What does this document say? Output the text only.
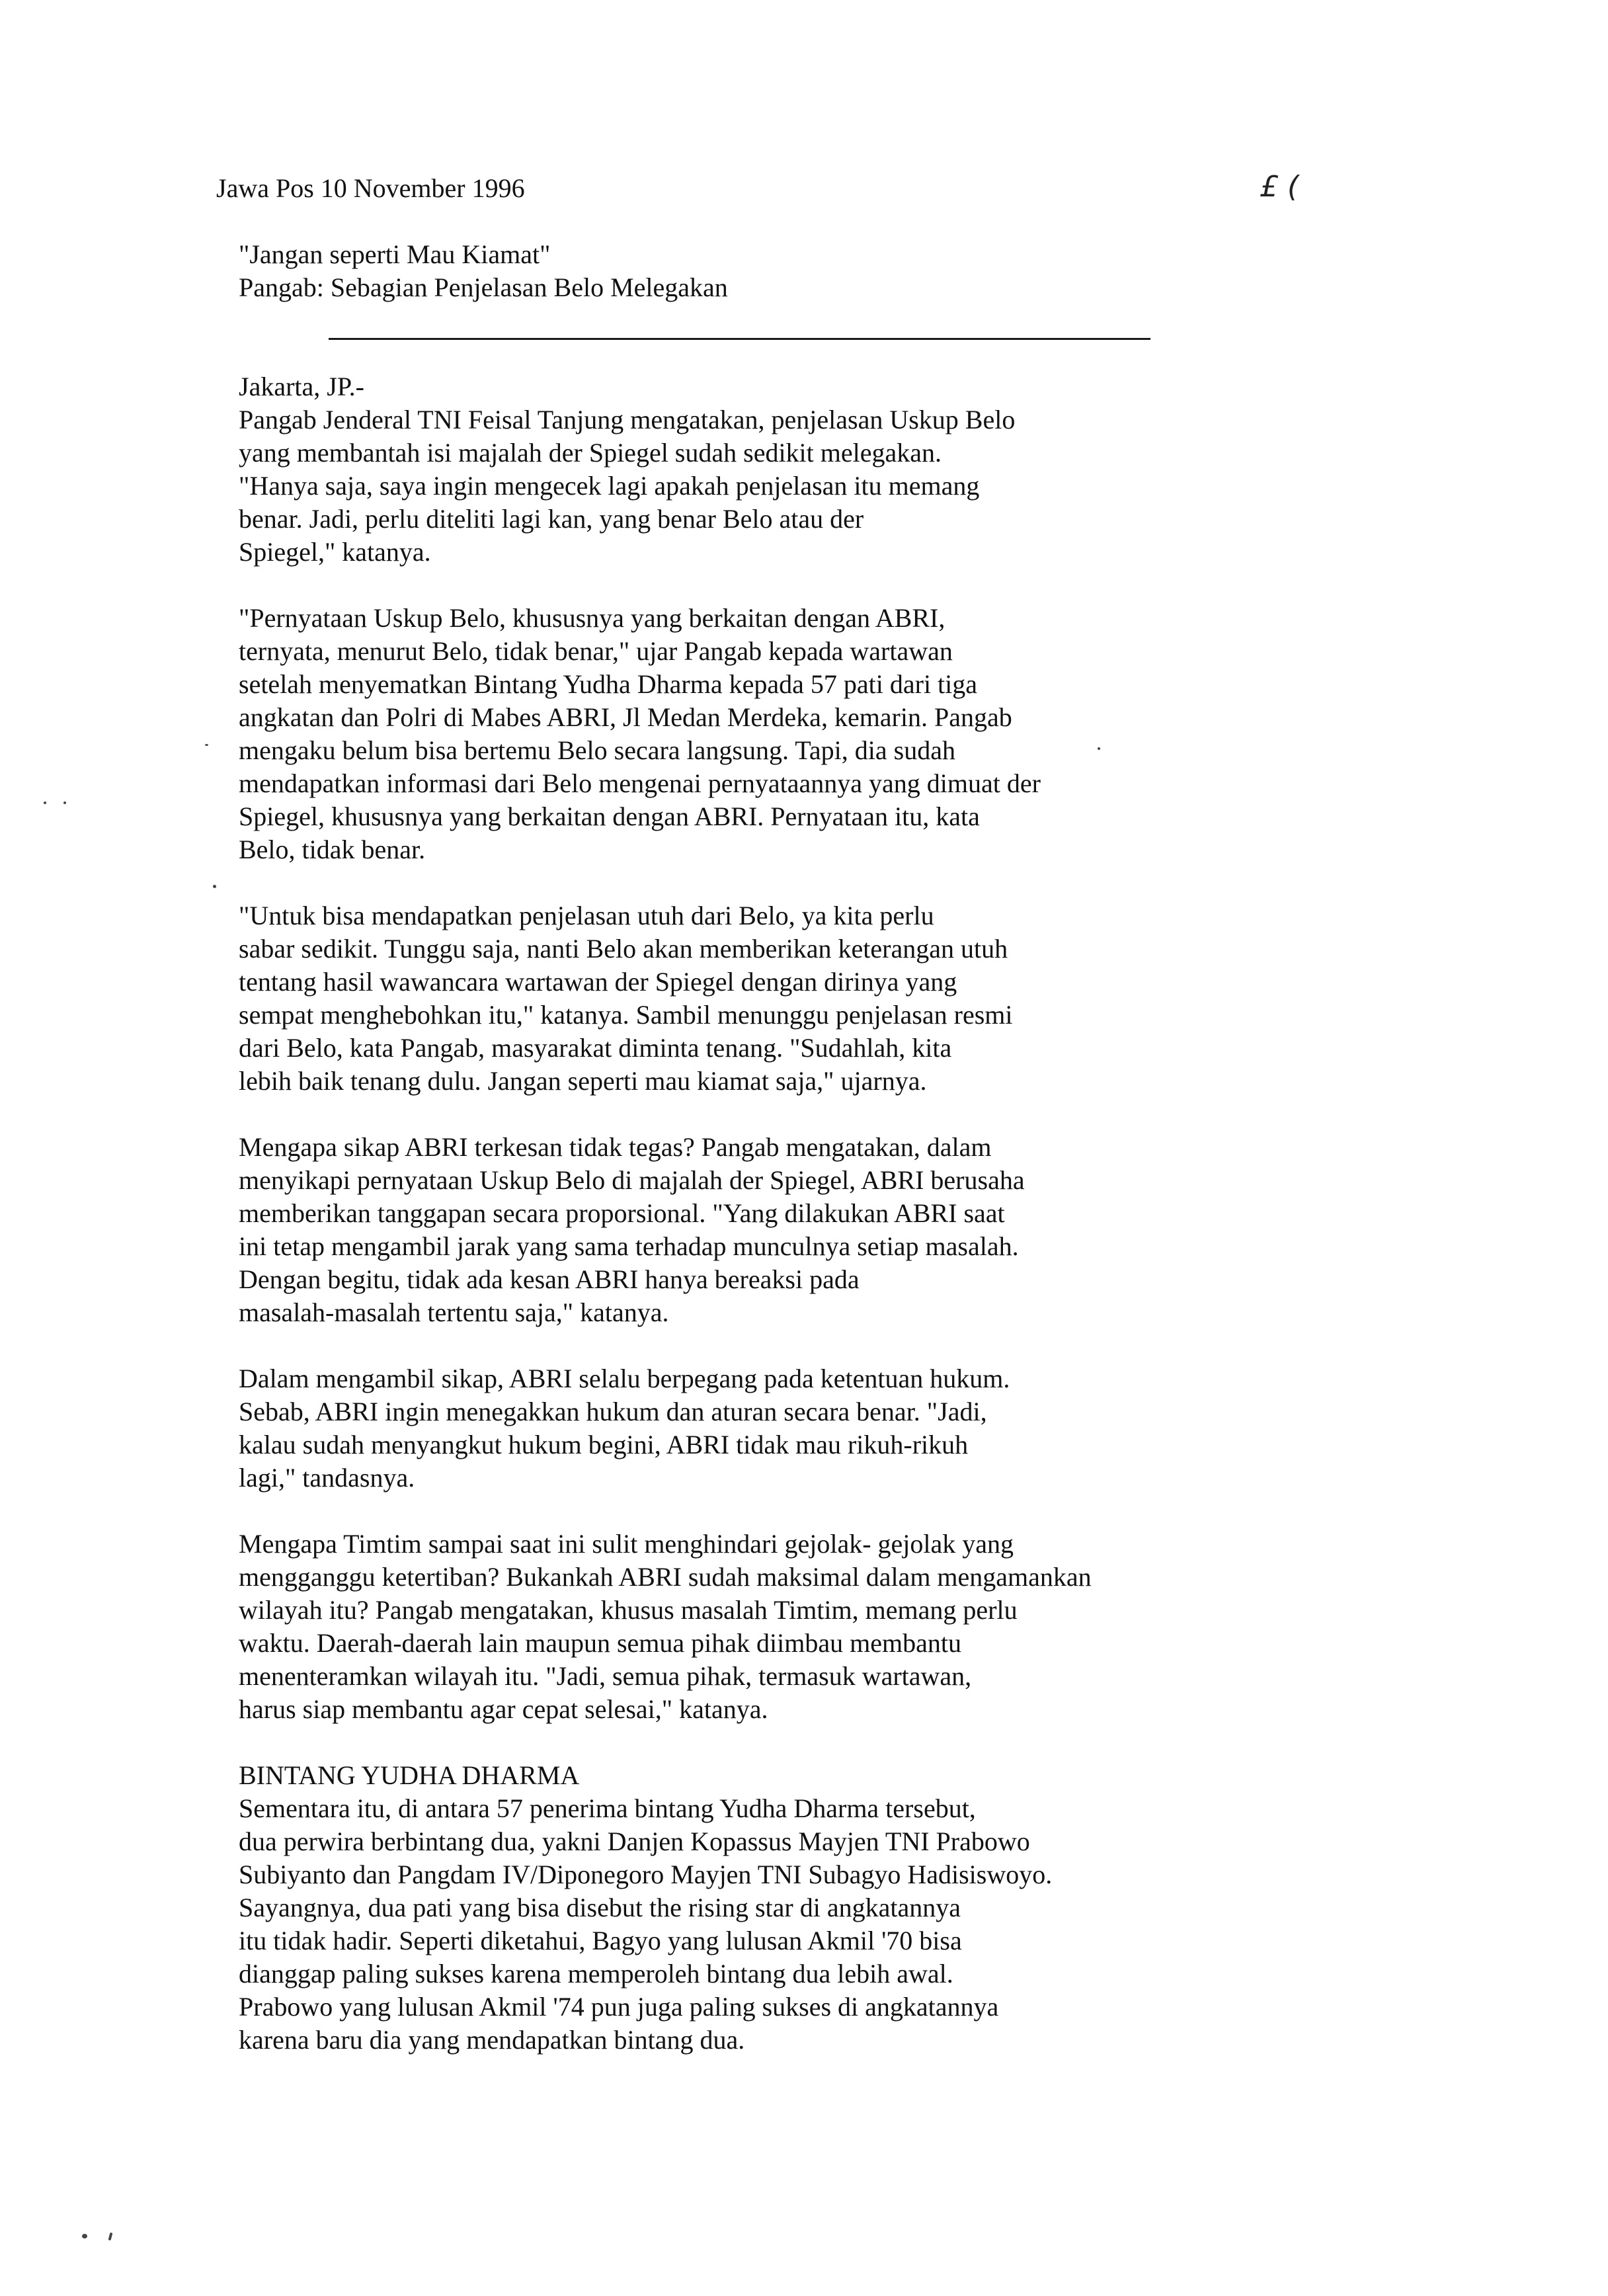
Jawa Pos 10 November 1996	£ (
"Jangan seperti Mau Kiamat"
Pangab: Sebagian Penjelasan Belo Melegakan
Jakarta, JP.-
Pangab Jenderal TNI Feisal Tanjung mengatakan, penjelasan Uskup Belo
yang membantah isi majalah der Spiegel sudah sedikit melegakan.
"Hanya saja, saya ingin mengecek lagi apakah penjelasan itu memang
benar. Jadi, perlu diteliti lagi kan, yang benar Belo atau der
Spiegel," katanya.
"Pernyataan Uskup Belo, khususnya yang berkaitan dengan ABRI,
ternyata, menurut Belo, tidak benar," ujar Pangab kepada wartawan
setelah menyematkan Bintang Yudha Dharma kepada 57 pati dari tiga
angkatan dan Polri di Mabes ABRI, Jl Medan Merdeka, kemarin. Pangab
mengaku belum bisa bertemu Belo secara langsung. Tapi, dia sudah
mendapatkan informasi dari Belo mengenai pernyataannya yang dimuat der
Spiegel, khususnya yang berkaitan dengan ABRI. Pernyataan itu, kata
Belo, tidak benar.
"Untuk bisa mendapatkan penjelasan utuh dari Belo, ya kita perlu
sabar sedikit. Tunggu saja, nanti Belo akan memberikan keterangan utuh
tentang hasil wawancara wartawan der Spiegel dengan dirinya yang
sempat menghebohkan itu," katanya. Sambil menunggu penjelasan resmi
dari Belo, kata Pangab, masyarakat diminta tenang. "Sudahlah, kita
lebih baik tenang dulu. Jangan seperti mau kiamat saja," ujarnya.
Mengapa sikap ABRI terkesan tidak tegas? Pangab mengatakan, dalam
menyikapi pernyataan Uskup Belo di majalah der Spiegel, ABRI berusaha
memberikan tanggapan secara proporsional. "Yang dilakukan ABRI saat
ini tetap mengambil jarak yang sama terhadap munculnya setiap masalah.
Dengan begitu, tidak ada kesan ABRI hanya bereaksi pada
masalah-masalah tertentu saja," katanya.
Dalam mengambil sikap, ABRI selalu berpegang pada ketentuan hukum.
Sebab, ABRI ingin menegakkan hukum dan aturan secara benar. "Jadi,
kalau sudah menyangkut hukum begini, ABRI tidak mau rikuh-rikuh
lagi," tandasnya.
Mengapa Timtim sampai saat ini sulit menghindari gejolak- gejolak yang
mengganggu ketertiban? Bukankah ABRI sudah maksimal dalam mengamankan
wilayah itu? Pangab mengatakan, khusus masalah Timtim, memang perlu
waktu. Daerah-daerah lain maupun semua pihak diimbau membantu
menenteramkan wilayah itu. "Jadi, semua pihak, termasuk wartawan,
harus siap membantu agar cepat selesai," katanya.
BINTANG YUDHA DHARMA
Sementara itu, di antara 57 penerima bintang Yudha Dharma tersebut,
dua perwira berbintang dua, yakni Danjen Kopassus Mayjen TNI Prabowo
Subiyanto dan Pangdam IV/Diponegoro Mayjen TNI Subagyo Hadisiswoyo.
Sayangnya, dua pati yang bisa disebut the rising star di angkatannya
itu tidak hadir. Seperti diketahui, Bagyo yang lulusan Akmil '70 bisa
dianggap paling sukses karena memperoleh bintang dua lebih awal.
Prabowo yang lulusan Akmil '74 pun juga paling sukses di angkatannya
karena baru dia yang mendapatkan bintang dua.
